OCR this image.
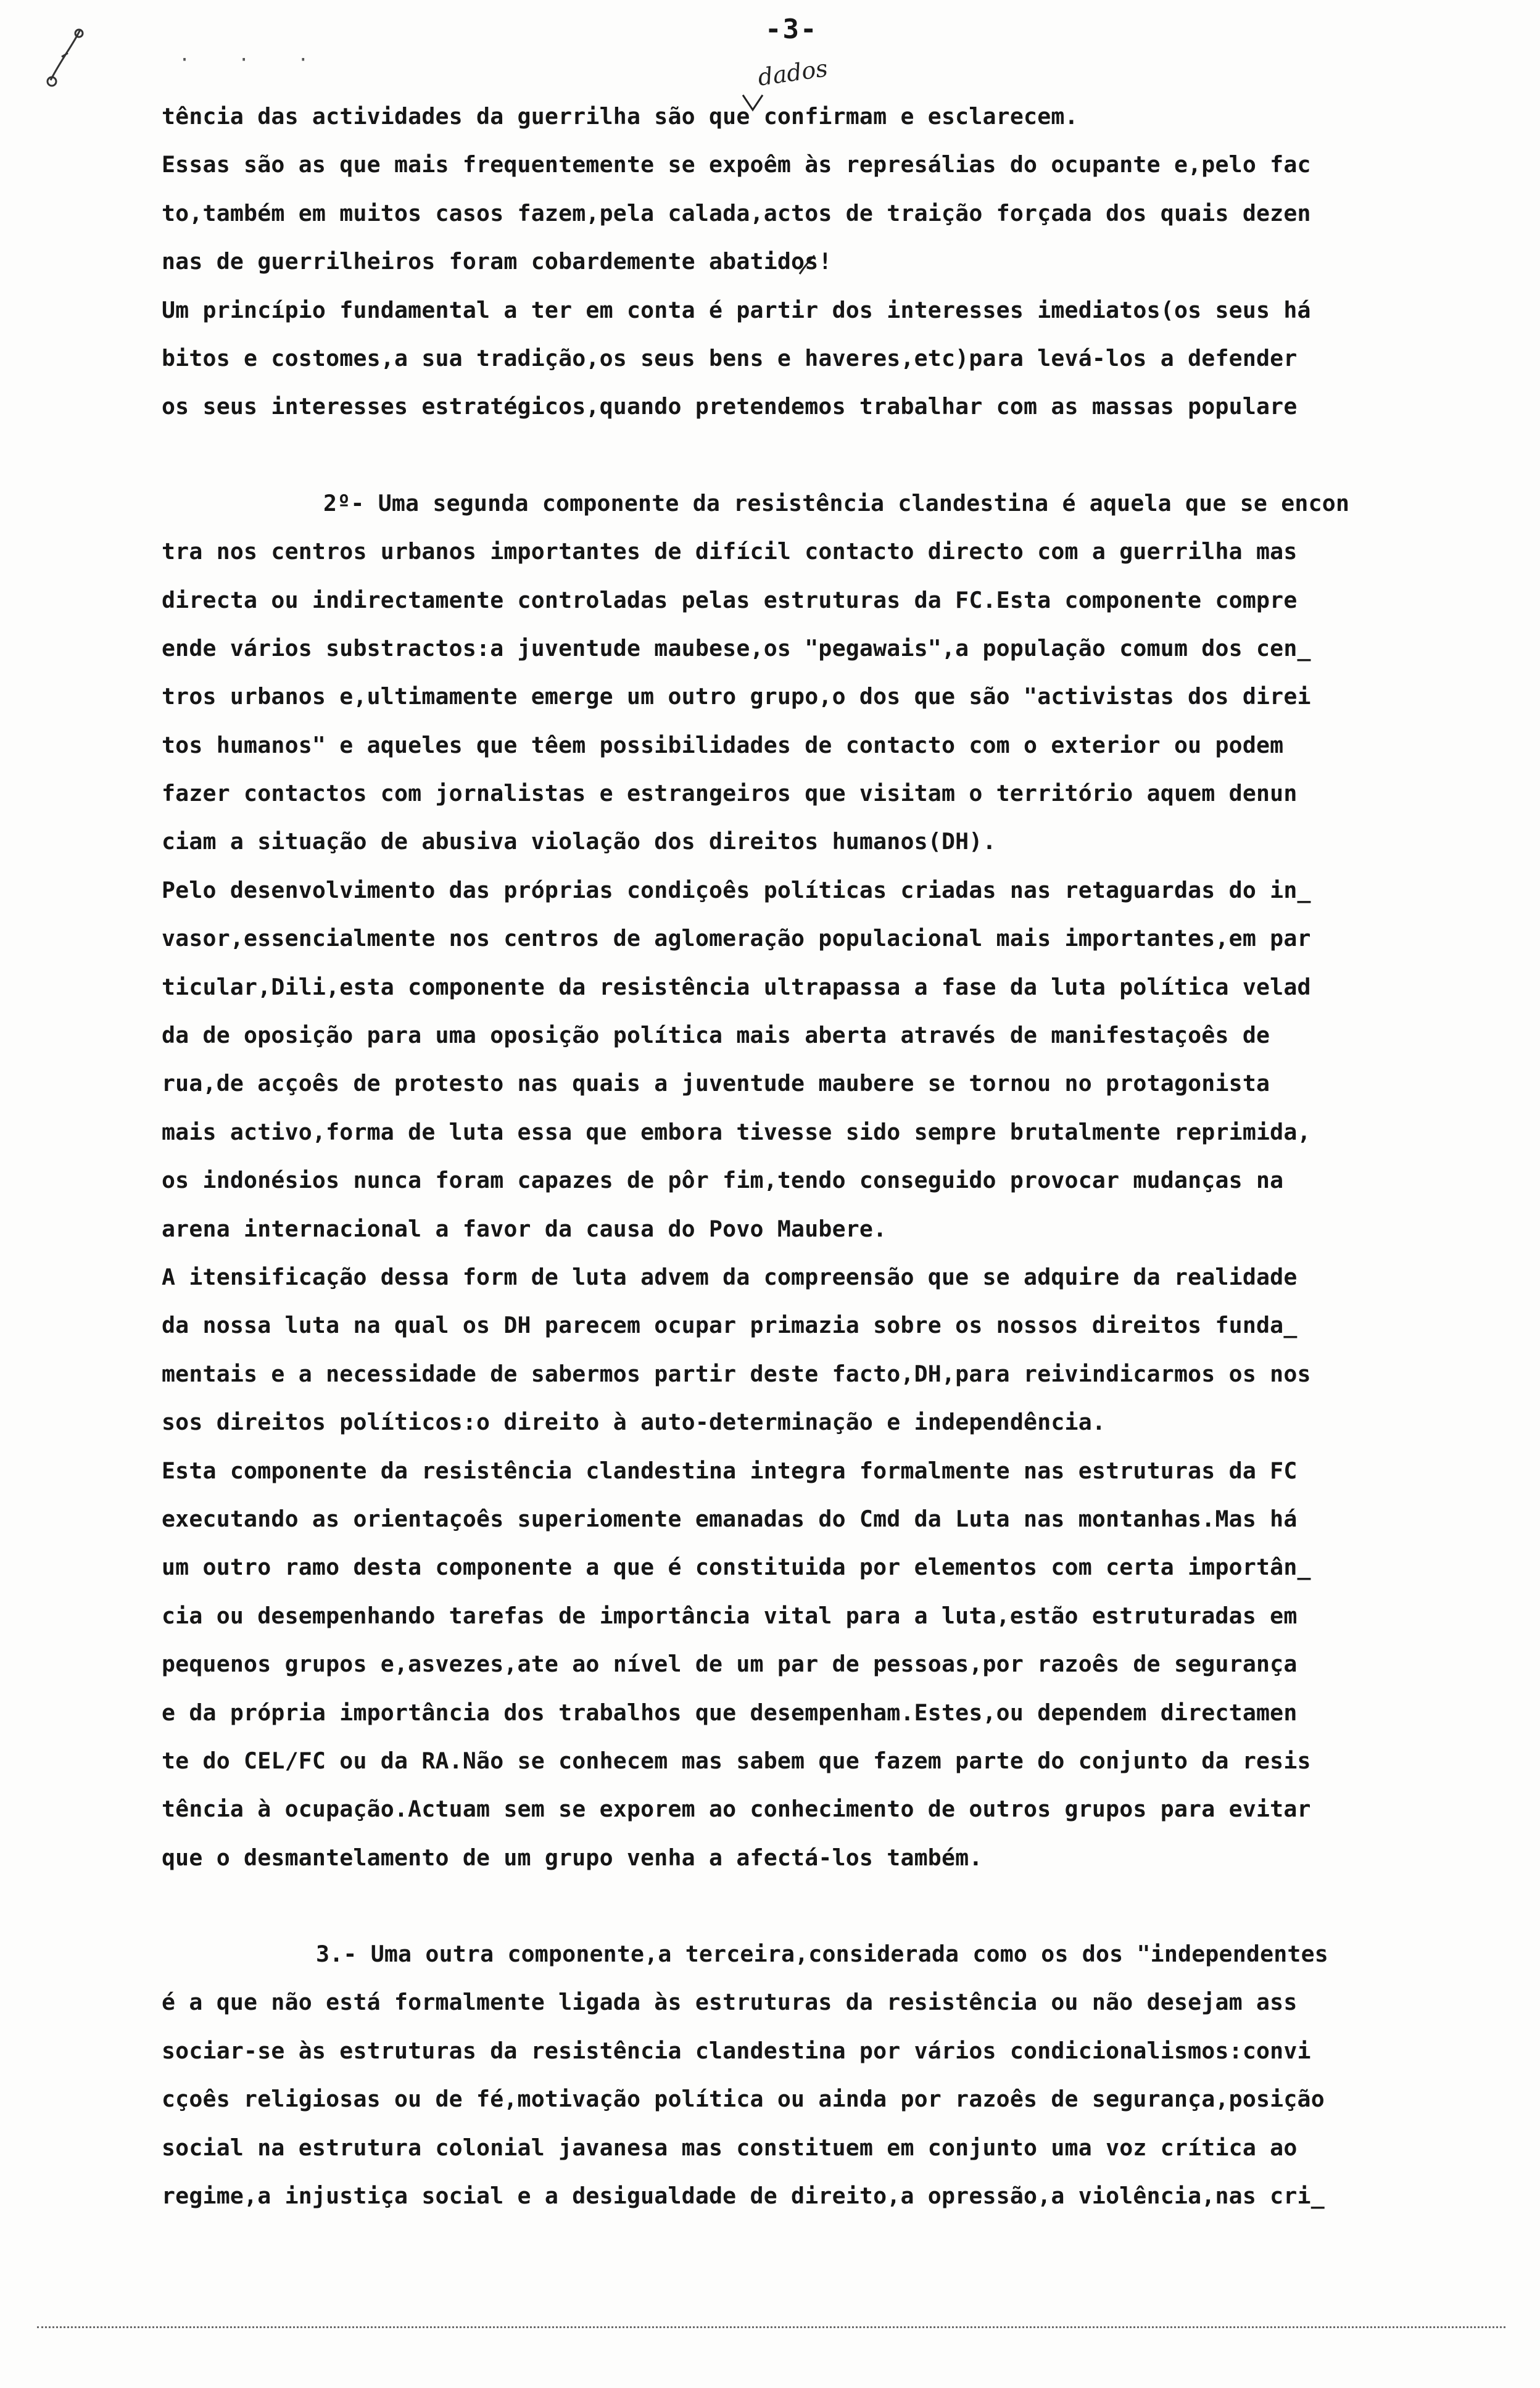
· · ·
-3-
dados
tência das actividades da guerrilha são que confirmam e esclarecem.
Essas são as que mais frequentemente se expoêm às represálias do ocupante e,pelo fac
to,também em muitos casos fazem,pela calada,actos de traição forçada dos quais dezen
nas de guerrilheiros foram cobardemente abatidos!
Um princípio fundamental a ter em conta é partir dos interesses imediatos(os seus há
bitos e costomes,a sua tradição,os seus bens e haveres,etc)para levá-los a defender
os seus interesses estratégicos,quando pretendemos trabalhar com as massas populare
2º- Uma segunda componente da resistência clandestina é aquela que se encon
tra nos centros urbanos importantes de difícil contacto directo com a guerrilha mas
directa ou indirectamente controladas pelas estruturas da FC.Esta componente compre
ende vários substractos:a juventude maubese,os "pegawais",a população comum dos cen_
tros urbanos e,ultimamente emerge um outro grupo,o dos que são "activistas dos direi
tos humanos" e aqueles que têem possibilidades de contacto com o exterior ou podem
fazer contactos com jornalistas e estrangeiros que visitam o território aquem denun
ciam a situação de abusiva violação dos direitos humanos(DH).
Pelo desenvolvimento das próprias condiçoês políticas criadas nas retaguardas do in_
vasor,essencialmente nos centros de aglomeração populacional mais importantes,em par
ticular,Dili,esta componente da resistência ultrapassa a fase da luta política velad
da de oposição para uma oposição política mais aberta através de manifestaçoês de
rua,de acçoês de protesto nas quais a juventude maubere se tornou no protagonista
mais activo,forma de luta essa que embora tivesse sido sempre brutalmente reprimida,
os indonésios nunca foram capazes de pôr fim,tendo conseguido provocar mudanças na
arena internacional a favor da causa do Povo Maubere.
A itensificação dessa form de luta advem da compreensão que se adquire da realidade
da nossa luta na qual os DH parecem ocupar primazia sobre os nossos direitos funda_
mentais e a necessidade de sabermos partir deste facto,DH,para reivindicarmos os nos
sos direitos políticos:o direito à auto-determinação e independência.
Esta componente da resistência clandestina integra formalmente nas estruturas da FC
executando as orientaçoês superiomente emanadas do Cmd da Luta nas montanhas.Mas há
um outro ramo desta componente a que é constituida por elementos com certa importân_
cia ou desempenhando tarefas de importância vital para a luta,estão estruturadas em
pequenos grupos e,asvezes,ate ao nível de um par de pessoas,por razoês de segurança
e da própria importância dos trabalhos que desempenham.Estes,ou dependem directamen
te do CEL/FC ou da RA.Não se conhecem mas sabem que fazem parte do conjunto da resis
tência à ocupação.Actuam sem se exporem ao conhecimento de outros grupos para evitar
que o desmantelamento de um grupo venha a afectá-los também.
3.- Uma outra componente,a terceira,considerada como os dos "independentes
é a que não está formalmente ligada às estruturas da resistência ou não desejam ass
sociar-se às estruturas da resistência clandestina por vários condicionalismos:convi
cçoês religiosas ou de fé,motivação política ou ainda por razoês de segurança,posição
social na estrutura colonial javanesa mas constituem em conjunto uma voz crítica ao
regime,a injustiça social e a desigualdade de direito,a opressão,a violência,nas cri_
